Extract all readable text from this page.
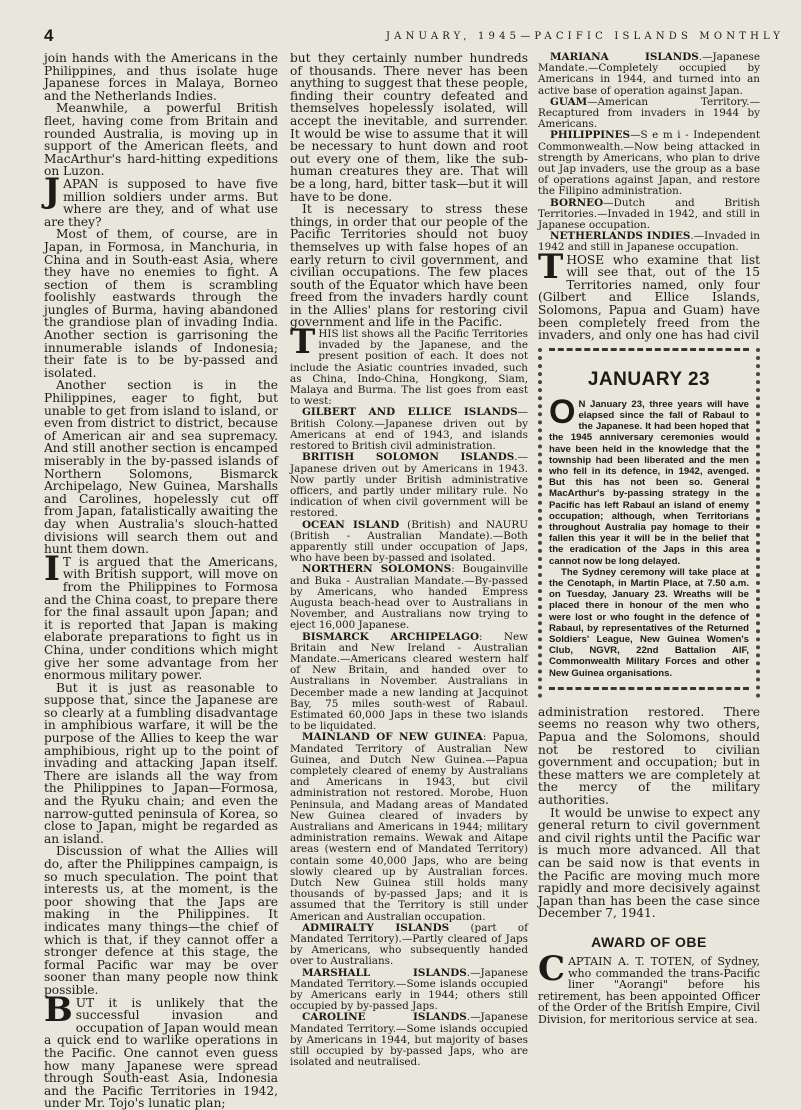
4	JANUARY, 1945—PACIFIC ISLANDS MONTHLY

join hands with the Americans in the Philippines, and thus isolate huge Japanese forces in Malaya, Borneo and the Netherlands Indies.

Meanwhile, a powerful British fleet, having come from Britain and rounded Australia, is moving up in support of the American fleets, and MacArthur's hard-hitting expeditions on Luzon.

JAPAN is supposed to have five million soldiers under arms. But where are they, and of what use are they?

Most of them, of course, are in Japan, in Formosa, in Manchuria, in China and in South-east Asia, where they have no enemies to fight. A section of them is scrambling foolishly eastwards through the jungles of Burma, having abandoned the grandiose plan of invading India. Another section is garrisoning the innumerable islands of Indonesia; their fate is to be by-passed and isolated.

Another section is in the Philippines, eager to fight, but unable to get from island to island, or even from district to district, because of American air and sea supremacy. And still another section is encamped miserably in the by-passed islands of Northern Solomons, Bismarck Archipelago, New Guinea, Marshalls and Carolines, hopelessly cut off from Japan, fatalistically awaiting the day when Australia's slouch-hatted divisions will search them out and hunt them down.

IT is argued that the Americans, with British support, will move on from the Philippines to Formosa and the China coast, to prepare there for the final assault upon Japan; and it is reported that Japan is making elaborate preparations to fight us in China, under conditions which might give her some advantage from her enormous military power.

But it is just as reasonable to suppose that, since the Japanese are so clearly at a fumbling disadvantage in amphibious warfare, it will be the purpose of the Allies to keep the war amphibious, right up to the point of invading and attacking Japan itself. There are islands all the way from the Philippines to Japan—Formosa, and the Ryuku chain; and even the narrow-gutted peninsula of Korea, so close to Japan, might be regarded as an island.

Discussion of what the Allies will do, after the Philippines campaign, is so much speculation. The point that interests us, at the moment, is the poor showing that the Japs are making in the Philippines. It indicates many things—the chief of which is that, if they cannot offer a stronger defence at this stage, the formal Pacific war may be over sooner than many people now think possible.

BUT it is unlikely that the successful invasion and occupation of Japan would mean a quick end to warlike operations in the Pacific. One cannot even guess how many Japanese were spread through South-east Asia, Indonesia and the Pacific Territories in 1942, under Mr. Tojo's lunatic plan;

but they certainly number hundreds of thousands. There never has been anything to suggest that these people, finding their country defeated and themselves hopelessly isolated, will accept the inevitable, and surrender. It would be wise to assume that it will be necessary to hunt down and root out every one of them, like the sub-human creatures they are. That will be a long, hard, bitter task—but it will have to be done.

It is necessary to stress these things, in order that our people of the Pacific Territories should not buoy themselves up with false hopes of an early return to civil government, and civilian occupations. The few places south of the Equator which have been freed from the invaders hardly count in the Allies' plans for restoring civil government and life in the Pacific.

THIS list shows all the Pacific Territories invaded by the Japanese, and the present position of each. It does not include the Asiatic countries invaded, such as China, Indo-China, Hongkong, Siam, Malaya and Burma. The list goes from east to west:

GILBERT AND ELLICE ISLANDS—British Colony.—Japanese driven out by Americans at end of 1943, and islands restored to British civil administration.

BRITISH SOLOMON ISLANDS.—Japanese driven out by Americans in 1943. Now partly under British administrative officers, and partly under military rule. No indication of when civil government will be restored.

OCEAN ISLAND (British) and NAURU (British - Australian Mandate).—Both apparently still under occupation of Japs, who have been by-passed and isolated.

NORTHERN SOLOMONS: Bougainville and Buka - Australian Mandate.—By-passed by Americans, who handed Empress Augusta beach-head over to Australians in November, and Australians now trying to eject 16,000 Japanese.

BISMARCK ARCHIPELAGO: New Britain and New Ireland - Australian Mandate.—Americans cleared western half of New Britain, and handed over to Australians in November. Australians in December made a new landing at Jacquinot Bay, 75 miles south-west of Rabaul. Estimated 60,000 Japs in these two islands to be liquidated.

MAINLAND OF NEW GUINEA: Papua, Mandated Territory of Australian New Guinea, and Dutch New Guinea.—Papua completely cleared of enemy by Australians and Americans in 1943, but civil administration not restored. Morobe, Huon Peninsula, and Madang areas of Mandated New Guinea cleared of invaders by Australians and Americans in 1944; military administration remains. Wewak and Aitape areas (western end of Mandated Territory) contain some 40,000 Japs, who are being slowly cleared up by Australian forces. Dutch New Guinea still holds many thousands of by-passed Japs; and it is assumed that the Territory is still under American and Australian occupation.

ADMIRALTY ISLANDS (part of Mandated Territory).—Partly cleared of Japs by Americans, who subsequently handed over to Australians.

MARSHALL ISLANDS.—Japanese Mandated Territory.—Some islands occupied by Americans early in 1944; others still occupied by by-passed Japs.

CAROLINE ISLANDS.—Japanese Mandated Territory.—Some islands occupied by Americans in 1944, but majority of bases still occupied by by-passed Japs, who are isolated and neutralised.

MARIANA ISLANDS.—Japanese Mandate.—Completely occupied by Americans in 1944, and turned into an active base of operation against Japan.

GUAM—American Territory.—Recaptured from invaders in 1944 by Americans.

PHILIPPINES—S e m i - Independent Commonwealth.—Now being attacked in strength by Americans, who plan to drive out Jap invaders, use the group as a base of operations against Japan, and restore the Filipino administration.

BORNEO—Dutch and British Territories.—Invaded in 1942, and still in Japanese occupation.

NETHERLANDS INDIES.—Invaded in 1942 and still in Japanese occupation.

THOSE who examine that list will see that, out of the 15 Territories named, only four (Gilbert and Ellice Islands, Solomons, Papua and Guam) have been completely freed from the invaders, and only one has had civil

JANUARY 23

ON January 23, three years will have elapsed since the fall of Rabaul to the Japanese. It had been hoped that the 1945 anniversary ceremonies would have been held in the knowledge that the township had been liberated and the men who fell in its defence, in 1942, avenged. But this has not been so. General MacArthur's by-passing strategy in the Pacific has left Rabaul an island of enemy occupation; although, when Territorians throughout Australia pay homage to their fallen this year it will be in the belief that the eradication of the Japs in this area cannot now be long delayed.

The Sydney ceremony will take place at the Cenotaph, in Martin Place, at 7.50 a.m. on Tuesday, January 23. Wreaths will be placed there in honour of the men who were lost or who fought in the defence of Rabaul, by representatives of the Returned Soldiers' League, New Guinea Women's Club, NGVR, 22nd Battalion AIF, Commonwealth Military Forces and other New Guinea organisations.

administration restored. There seems no reason why two others, Papua and the Solomons, should not be restored to civilian government and occupation; but in these matters we are completely at the mercy of the military authorities.

It would be unwise to expect any general return to civil government and civil rights until the Pacific war is much more advanced. All that can be said now is that events in the Pacific are moving much more rapidly and more decisively against Japan than has been the case since December 7, 1941.

AWARD OF OBE

CAPTAIN A. T. TOTEN, of Sydney, who commanded the trans-Pacific liner "Aorangi" before his retirement, has been appointed Officer of the Order of the British Empire, Civil Division, for meritorious service at sea.
